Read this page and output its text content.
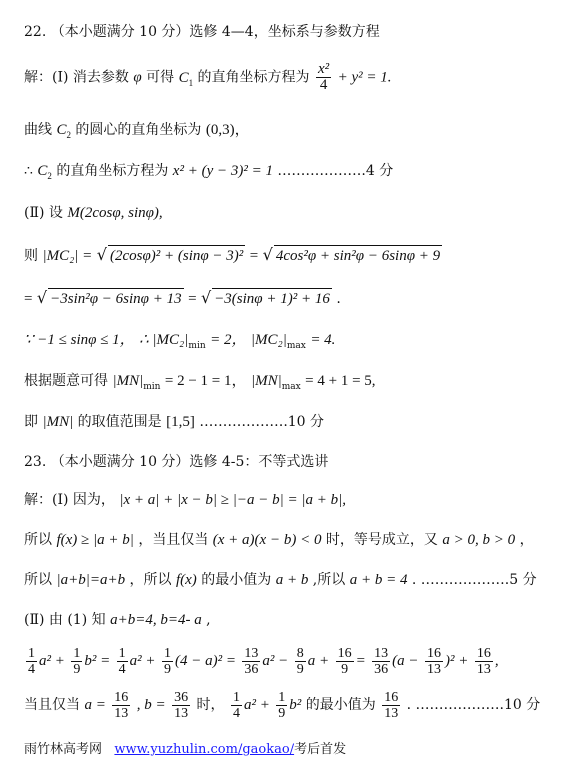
22. （本小题满分 10 分）选修 4—4，坐标系与参数方程
解：(Ⅰ) 消去参数 φ 可得 $C_1$ 的直角坐标方程为 $\frac{\text{x²}}{4} + y^2 = 1$.
曲线 $C_2$ 的圆心的直角坐标为 (0,3)，
∴ $C_2$ 的直角坐标方程为 x² + (y − 3)² = 1 ……………….4 分
(Ⅱ) 设 M(2cosφ, sinφ),
则 |MC₂| = √ (2cosφ)² + (sinφ − 3)² = √ 4cos²φ + sin²φ − 6sinφ + 9
= √ −3sin²φ − 6sinφ + 13 = √ −3(sinφ + 1)² + 16 .
∵ −1 ≤ sinφ ≤ 1， ∴ $|MC_2|_{min} = 2$， $|MC_2|_{max} = 4$.
根据题意可得 $|MN|_{min} = 2 - 1 = 1$， $|MN|_{max} = 4 + 1 = 5$,
即 |MN| 的取值范围是 [1,5] ……………….10 分
23. （本小题满分 10 分）选修 4-5：不等式选讲
解：(Ⅰ) 因为， |x + a| + |x − b| ≥ |−a − b| = |a + b|,
所以 f(x) ≥ |a + b| ，当且仅当 (x + a)(x − b) < 0 时，等号成立，又 a > 0, b > 0 ，
所以 |a+b|=a+b ，所以 f(x) 的最小值为 a + b ,所以 a + b = 4 . ……………….5 分
(Ⅱ) 由 (1) 知 a+b=4, b=4- a ,
$\frac{1}{4} a^2 + \frac{1}{9} b^2 = \frac{1}{4} a^2 + \frac{1}{9} (4 - a)^2 = \frac{13}{36} a^2 - \frac{8}{9}$ $a + \frac{16}{9} = \frac{13}{36} (a - \frac{16}{13} )^2 + \frac{16}{13}$ ,
当且仅当 $a = \frac{16}{13}$ , $b = \frac{36}{13}$ 时， $\frac{1}{4} a^2 + \frac{1}{9} b^2$ 的最小值为 $\frac{16}{13}$ . ……………….10 分
雨竹林高考网 www.yuzhulin.com/gaokao/考后首发
